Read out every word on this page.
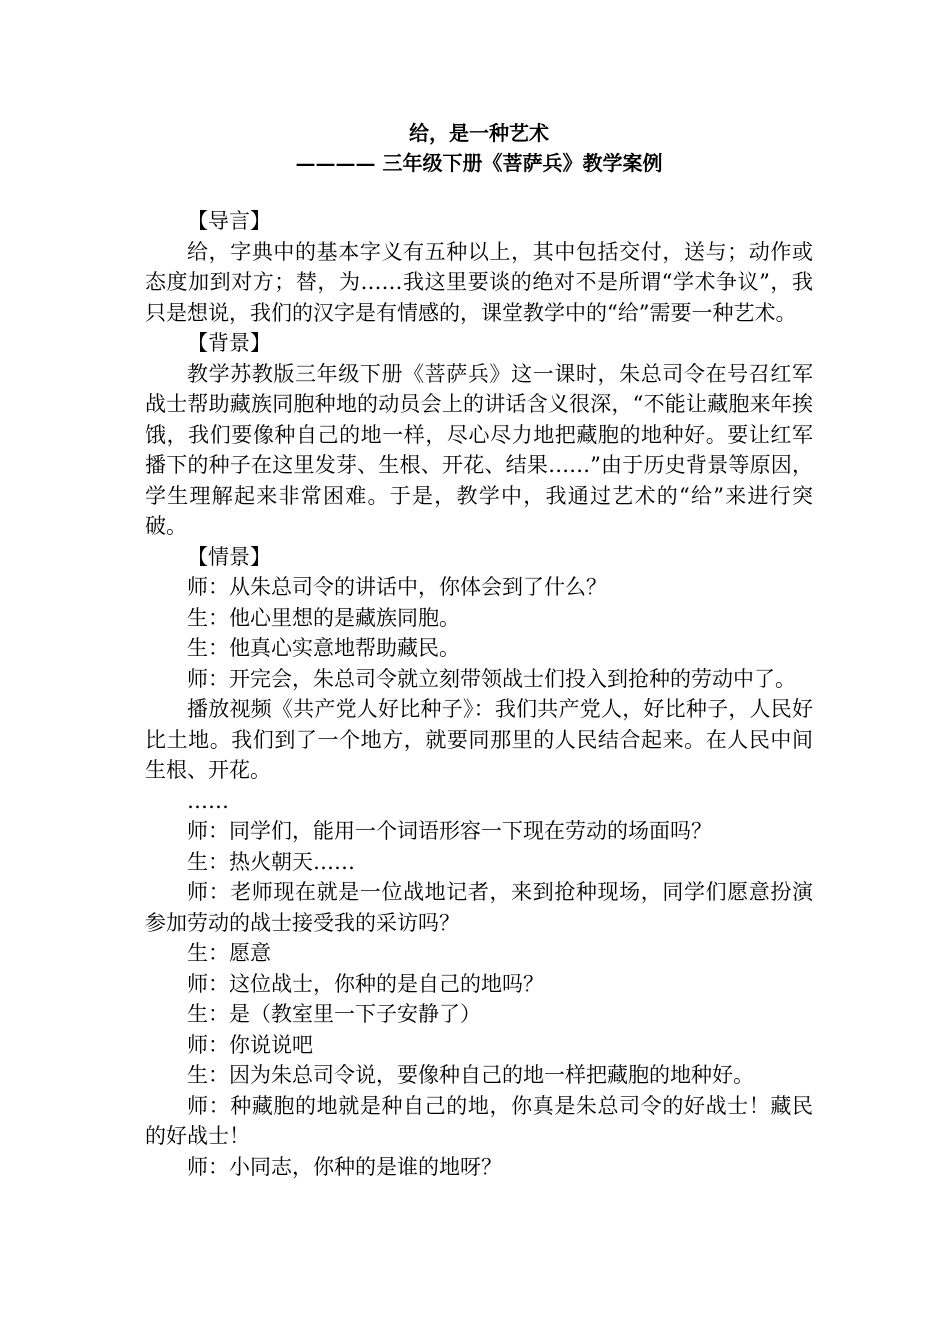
给，是一种艺术
———— 三年级下册《菩萨兵》教学案例

【导言】

给，字典中的基本字义有五种以上，其中包括交付，送与；动作或态度加到对方；替，为……我这里要谈的绝对不是所谓“学术争议”，我只是想说，我们的汉字是有情感的，课堂教学中的“给”需要一种艺术。

【背景】

教学苏教版三年级下册《菩萨兵》这一课时，朱总司令在号召红军战士帮助藏族同胞种地的动员会上的讲话含义很深，“不能让藏胞来年挨饿，我们要像种自己的地一样，尽心尽力地把藏胞的地种好。要让红军播下的种子在这里发芽、生根、开花、结果……”由于历史背景等原因，学生理解起来非常困难。于是，教学中，我通过艺术的“给”来进行突破。

【情景】

师：从朱总司令的讲话中，你体会到了什么？

生：他心里想的是藏族同胞。

生：他真心实意地帮助藏民。

师：开完会，朱总司令就立刻带领战士们投入到抢种的劳动中了。

播放视频《共产党人好比种子》：我们共产党人，好比种子，人民好比土地。我们到了一个地方，就要同那里的人民结合起来。在人民中间生根、开花。

……

师：同学们，能用一个词语形容一下现在劳动的场面吗？

生：热火朝天……

师：老师现在就是一位战地记者，来到抢种现场，同学们愿意扮演参加劳动的战士接受我的采访吗？

生：愿意

师：这位战士，你种的是自己的地吗？

生：是（教室里一下子安静了）

师：你说说吧

生：因为朱总司令说，要像种自己的地一样把藏胞的地种好。

师：种藏胞的地就是种自己的地，你真是朱总司令的好战士！藏民的好战士！

师：小同志，你种的是谁的地呀？
